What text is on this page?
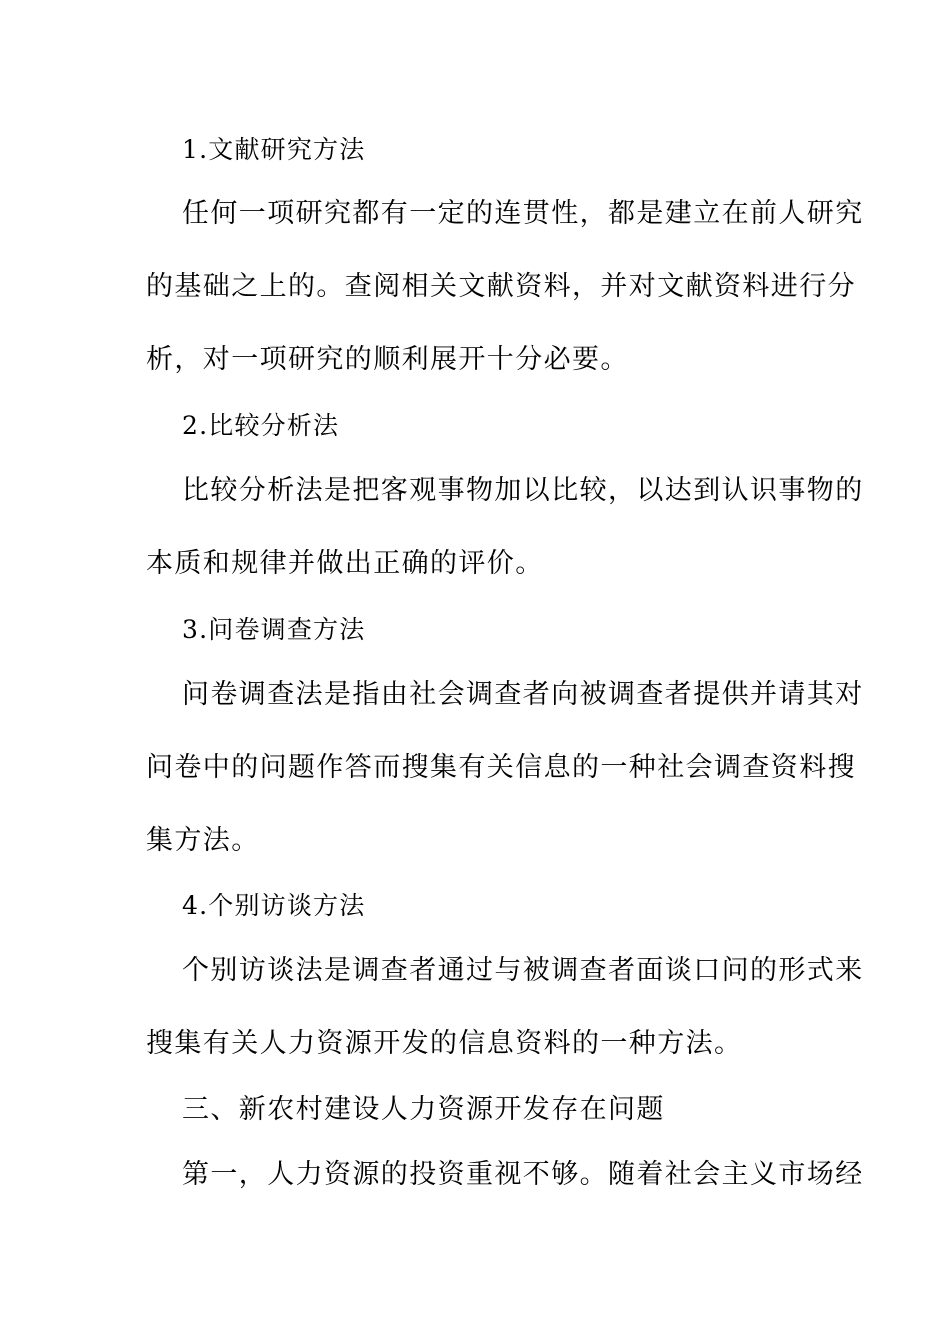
1.文献研究方法

任何一项研究都有一定的连贯性，都是建立在前人研究

的基础之上的。查阅相关文献资料，并对文献资料进行分

析，对一项研究的顺利展开十分必要。

2.比较分析法

比较分析法是把客观事物加以比较，以达到认识事物的

本质和规律并做出正确的评价。

3.问卷调查方法

问卷调查法是指由社会调查者向被调查者提供并请其对

问卷中的问题作答而搜集有关信息的一种社会调查资料搜

集方法。

4.个别访谈方法

个别访谈法是调查者通过与被调查者面谈口问的形式来

搜集有关人力资源开发的信息资料的一种方法。

三、新农村建设人力资源开发存在问题

第一，人力资源的投资重视不够。随着社会主义市场经
